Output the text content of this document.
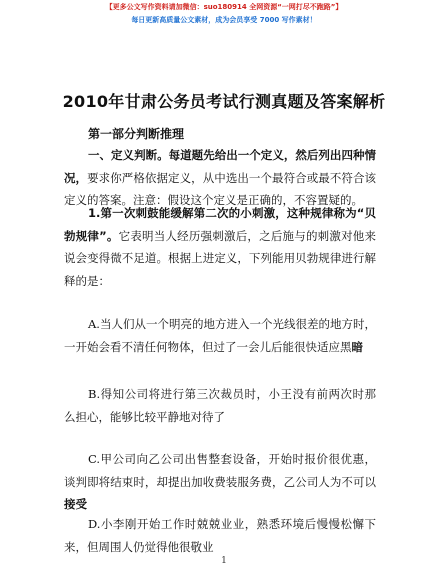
【更多公文写作资料请加微信：suo180914 全网资源“一网打尽不跑路”】
每日更新高质量公文素材，成为会员享受 7000 写作素材！
2010年甘肃公务员考试行测真题及答案解析
第一部分判断推理
一、定义判断。每道题先给出一个定义，然后列出四种情况，要求你严格依据定义，从中选出一个最符合或最不符合该定义的答案。注意：假设这个定义是正确的，不容置疑的。
1.第一次刺鼓能缓解第二次的小刺激，这种规律称为“贝勃规律”。它表明当人经历强刺激后，之后施与的刺激对他来说会变得微不足道。根据上进定义，下列能用贝勃规律进行解释的是：
A.当人们从一个明亮的地方进入一个光线很差的地方时，一开始会看不清任何物体，但过了一会儿后能很快适应黑暗
B.得知公司将进行第三次裁员时，小王没有前两次时那么担心，能够比较平静地对待了
C.甲公司向乙公司出售整套设备，开始时报价很优惠，谈判即将结束时，却提出加收费装服务费，乙公司人为不可以接受
D.小李刚开始工作时兢兢业业，熟悉环境后慢慢松懈下来，但周围人仍觉得他很敬业
1
